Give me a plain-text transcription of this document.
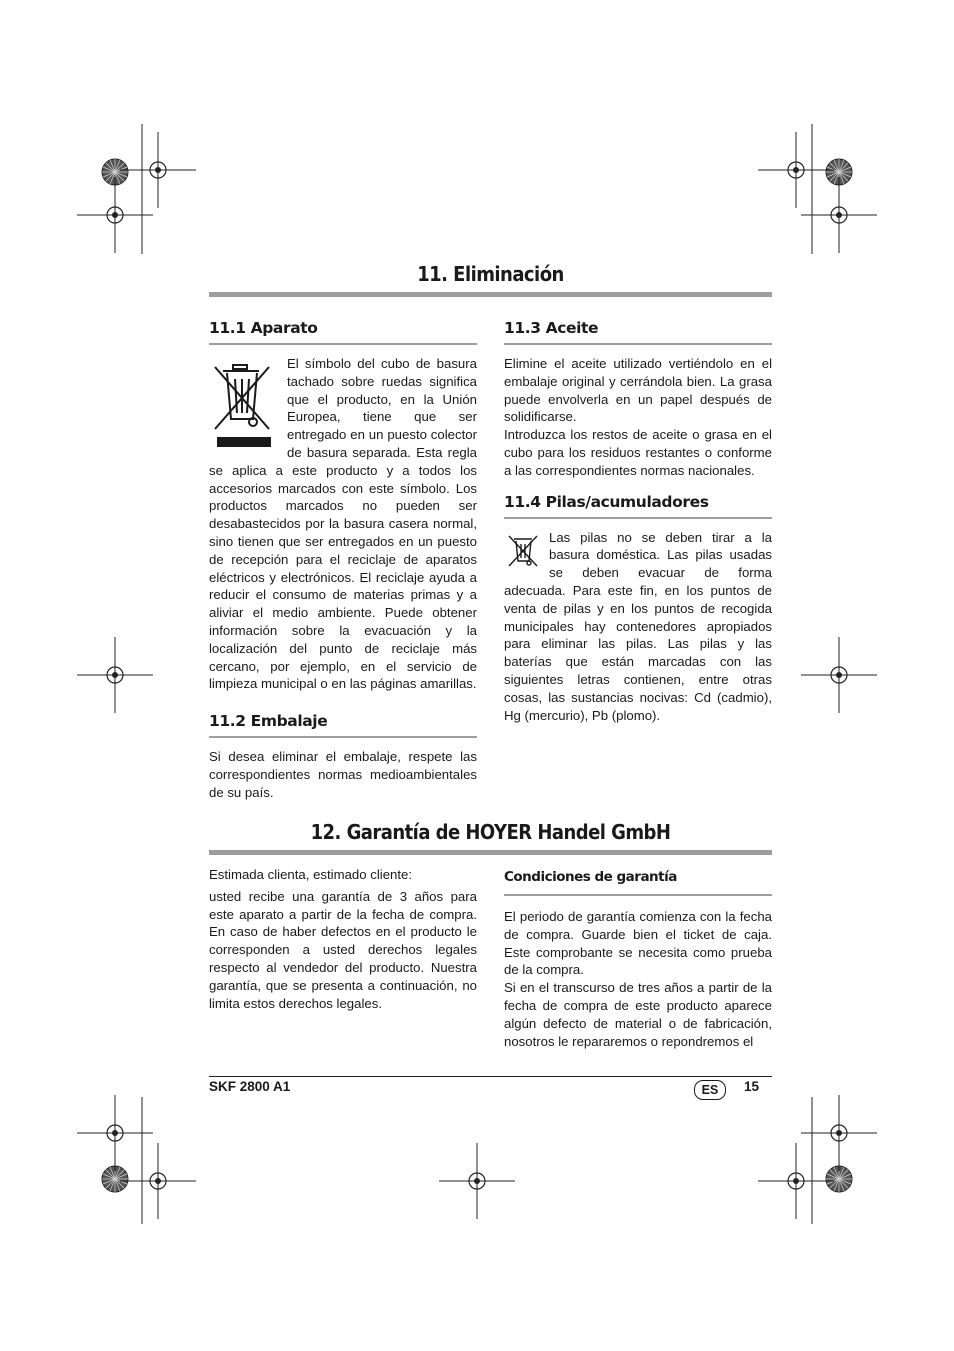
11. Eliminación
11.1 Aparato

El símbolo del cubo de basura tachado sobre ruedas significa que el producto, en la Unión Europea, tiene que ser entregado en un puesto colector de basura separada. Esta regla se aplica a este producto y a todos los accesorios marcados con este símbolo. Los productos marcados no pueden ser desabastecidos por la basura casera normal, sino tienen que ser entregados en un puesto de recepción para el reciclaje de aparatos eléctricos y electrónicos. El reciclaje ayuda a reducir el consumo de materias primas y a aliviar el medio ambiente. Puede obtener información sobre la evacuación y la localización del punto de reciclaje más cercano, por ejemplo, en el servicio de limpieza municipal o en las páginas amarillas.

11.2 Embalaje

Si desea eliminar el embalaje, respete las correspondientes normas medioambientales de su país.

11.3 Aceite

Elimine el aceite utilizado vertiéndolo en el embalaje original y cerrándola bien. La grasa puede envolverla en un papel después de solidificarse.

Introduzca los restos de aceite o grasa en el cubo para los residuos restantes o conforme a las correspondientes normas nacionales.

11.4 Pilas/acumuladores

Las pilas no se deben tirar a la basura doméstica. Las pilas usadas se deben evacuar de forma adecuada. Para este fin, en los puntos de venta de pilas y en los puntos de recogida municipales hay contenedores apropiados para eliminar las pilas. Las pilas y las baterías que están marcadas con las siguientes letras contienen, entre otras cosas, las sustancias nocivas: Cd (cadmio), Hg (mercurio), Pb (plomo).

12. Garantía de HOYER Handel GmbH

Estimada clienta, estimado cliente:

usted recibe una garantía de 3 años para este aparato a partir de la fecha de compra. En caso de haber defectos en el producto le corresponden a usted derechos legales respecto al vendedor del producto. Nuestra garantía, que se presenta a continuación, no limita estos derechos legales.

Condiciones de garantía

El periodo de garantía comienza con la fecha de compra. Guarde bien el ticket de caja. Este comprobante se necesita como prueba de la compra.

Si en el transcurso de tres años a partir de la fecha de compra de este producto aparece algún defecto de material o de fabricación, nosotros le repararemos o repondremos el

SKF 2800 A1	ES	15
